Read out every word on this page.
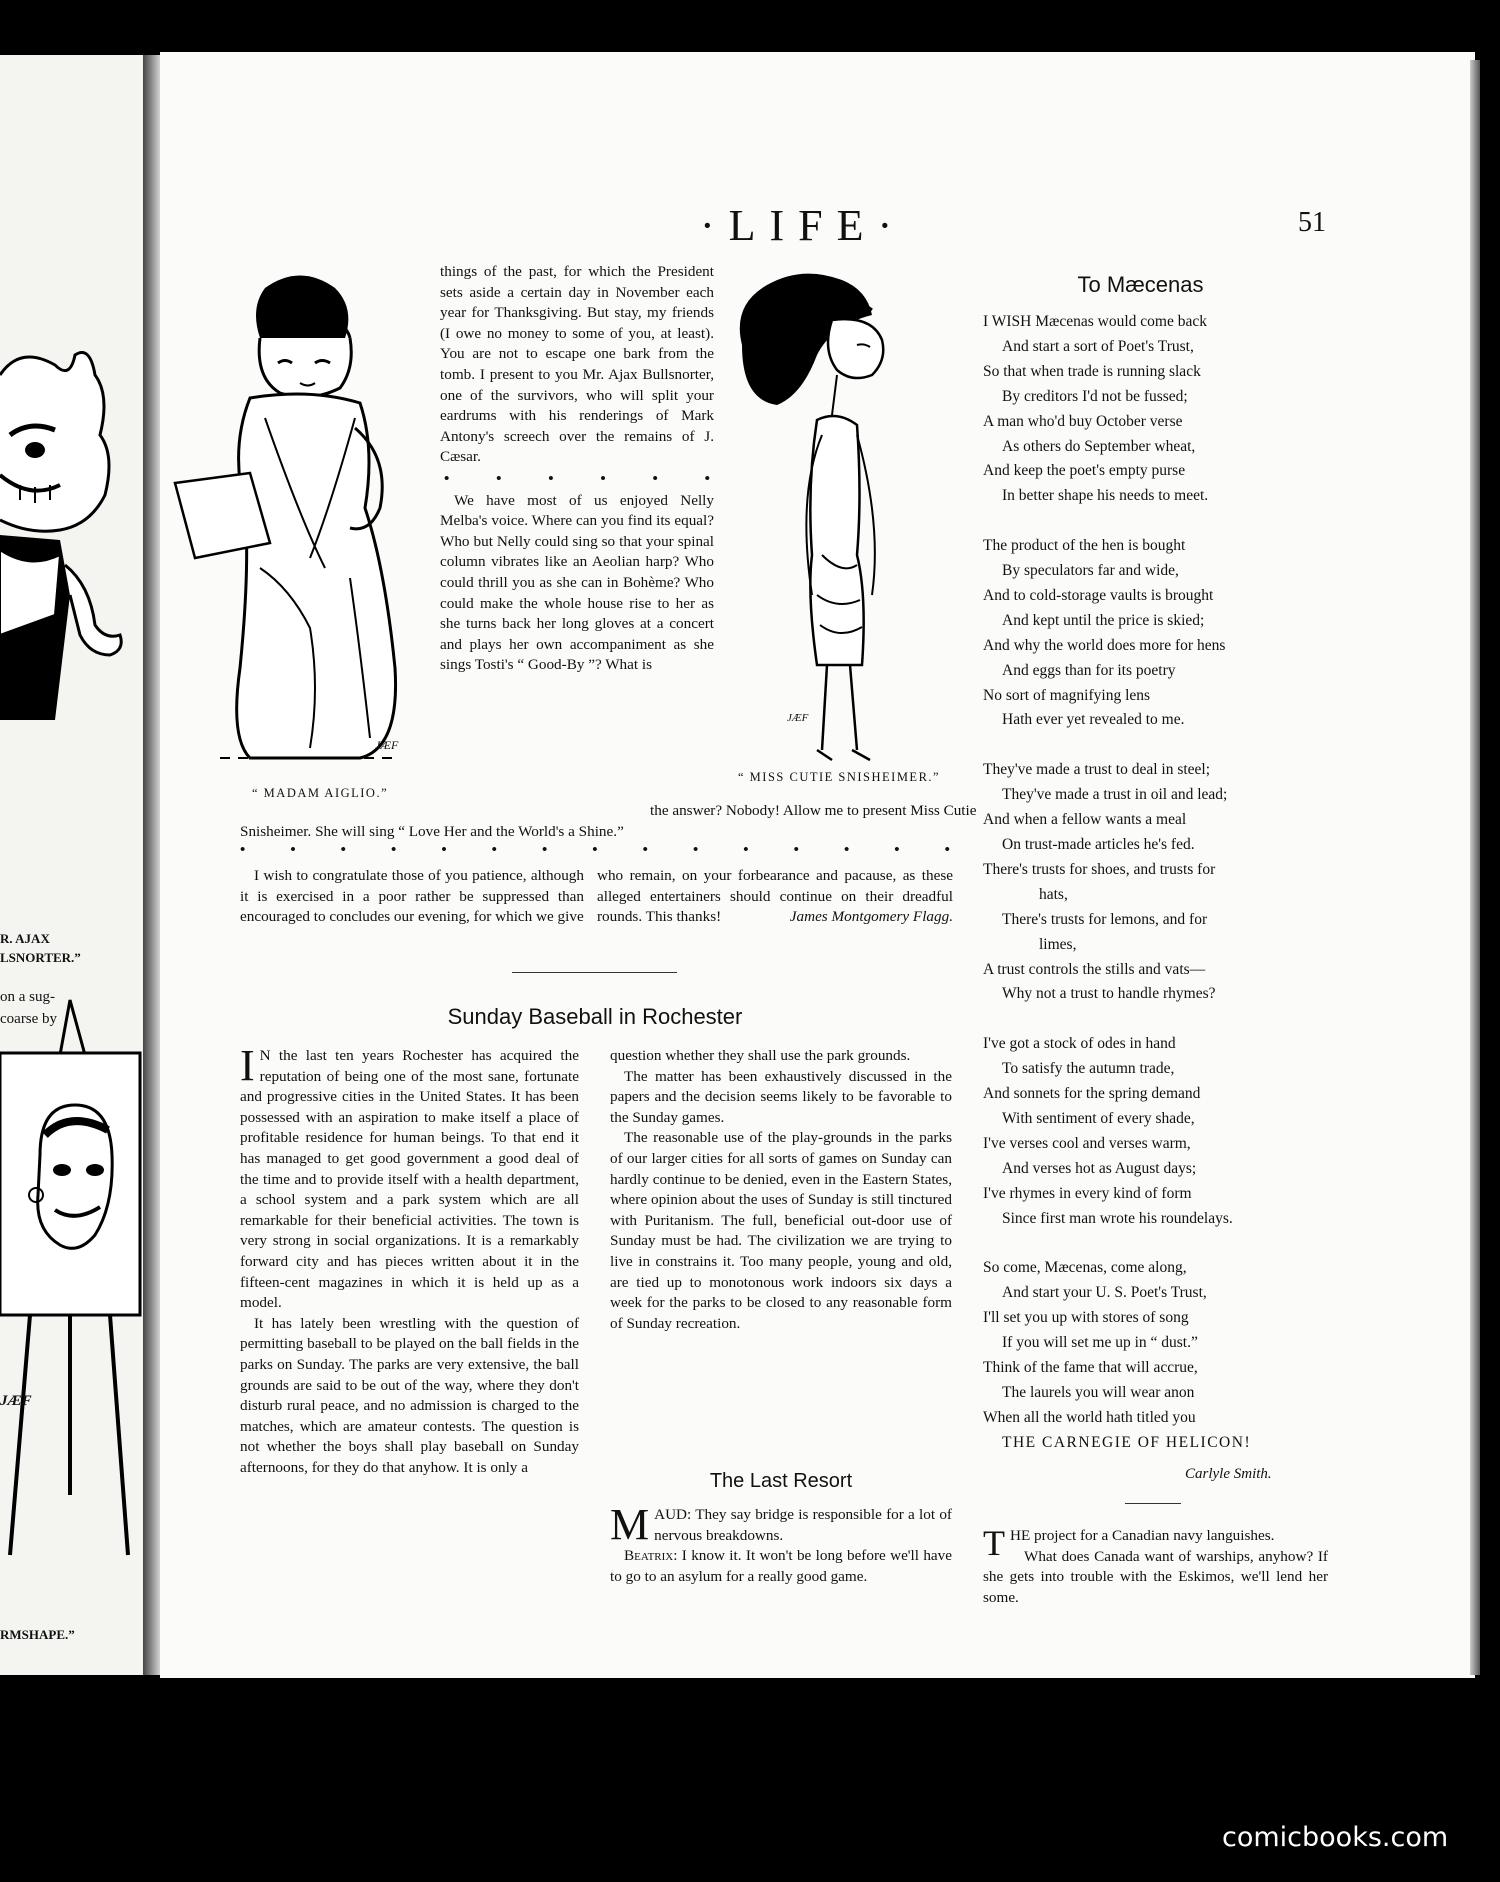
R. AJAX
LSNORTER.”
on a sug-
coarse by
JÆF
RMSHAPE.”
·LIFE·	51
JÆF
“ MADAM AIGLIO.”

things of the past, for which the President sets aside a certain day in November each year for Thanksgiving. But stay, my friends (I owe no money to some of you, at least). You are not to escape one bark from the tomb. I present to you Mr. Ajax Bullsnorter, one of the survivors, who will split your eardrums with his renderings of Mark Antony's screech over the remains of J. Cæsar.

•	•	•	•	•	•

We have most of us enjoyed Nelly Melba's voice. Where can you find its equal? Who but Nelly could sing so that your spinal column vibrates like an Aeolian harp? Who could thrill you as she can in Bohème? Who could make the whole house rise to her as she turns back her long gloves at a concert and plays her own accompaniment as she sings Tosti's “ Good-By ”? What is

JÆF
“ MISS CUTIE SNISHEIMER.”
the answer? Nobody! Allow me to present Miss Cutie
Snisheimer. She will sing “ Love Her and the World's a Shine.”
•	•	•	•	•	•	•	•	•	•	•	•	•	•	•

I wish to congratulate those of you patience, although it is exercised in a poor rather be suppressed than encouraged to concludes our evening, for which we give

who remain, on your forbearance and pacause, as these alleged entertainers should continue on their dreadful rounds. This thanks!	James Montgomery Flagg.

Sunday Baseball in Rochester

I N the last ten years Rochester has acquired the reputation of being one of the most sane, fortunate and progressive cities in the United States. It has been possessed with an aspiration to make itself a place of profitable residence for human beings. To that end it has managed to get good government a good deal of the time and to provide itself with a health department, a school system and a park system which are all remarkable for their beneficial activities. The town is very strong in social organizations. It is a remarkably forward city and has pieces written about it in the fifteen-cent magazines in which it is held up as a model.

It has lately been wrestling with the question of permitting baseball to be played on the ball fields in the parks on Sunday. The parks are very extensive, the ball grounds are said to be out of the way, where they don't disturb rural peace, and no admission is charged to the matches, which are amateur contests. The question is not whether the boys shall play baseball on Sunday afternoons, for they do that anyhow. It is only a

question whether they shall use the park grounds.

The matter has been exhaustively discussed in the papers and the decision seems likely to be favorable to the Sunday games.

The reasonable use of the play-grounds in the parks of our larger cities for all sorts of games on Sunday can hardly continue to be denied, even in the Eastern States, where opinion about the uses of Sunday is still tinctured with Puritanism. The full, beneficial out-door use of Sunday must be had. The civilization we are trying to live in constrains it. Too many people, young and old, are tied up to monotonous work indoors six days a week for the parks to be closed to any reasonable form of Sunday recreation.

The Last Resort

MAUD: They say bridge is responsible for a lot of nervous breakdowns.

Beatrix: I know it. It won't be long before we'll have to go to an asylum for a really good game.

To Mæcenas
I WISH Mæcenas would come back
And start a sort of Poet's Trust,
So that when trade is running slack
By creditors I'd not be fussed;
A man who'd buy October verse
As others do September wheat,
And keep the poet's empty purse
In better shape his needs to meet.
The product of the hen is bought
By speculators far and wide,
And to cold-storage vaults is brought
And kept until the price is skied;
And why the world does more for hens
And eggs than for its poetry
No sort of magnifying lens
Hath ever yet revealed to me.
They've made a trust to deal in steel;
They've made a trust in oil and lead;
And when a fellow wants a meal
On trust-made articles he's fed.
There's trusts for shoes, and trusts for
hats,
There's trusts for lemons, and for
limes,
A trust controls the stills and vats—
Why not a trust to handle rhymes?
I've got a stock of odes in hand
To satisfy the autumn trade,
And sonnets for the spring demand
With sentiment of every shade,
I've verses cool and verses warm,
And verses hot as August days;
I've rhymes in every kind of form
Since first man wrote his roundelays.
So come, Mæcenas, come along,
And start your U. S. Poet's Trust,
I'll set you up with stores of song
If you will set me up in “ dust.”
Think of the fame that will accrue,
The laurels you will wear anon
When all the world hath titled you
THE CARNEGIE OF HELICON!
Carlyle Smith.

THE project for a Canadian navy languishes.

What does Canada want of warships, anyhow? If she gets into trouble with the Eskimos, we'll lend her some.

comicbooks.com
